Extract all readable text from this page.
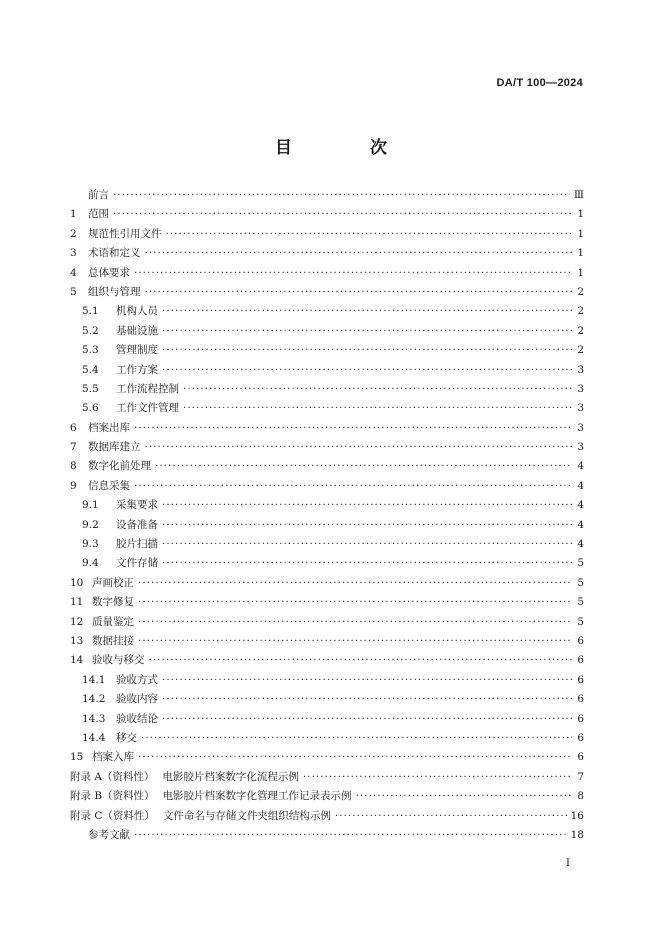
DA/T 100—2024
目 次
前言 ·····	Ⅲ
1	范围 ·····	1
2	规范性引用文件 ·····	1
3	术语和定义 ·····	1
4	总体要求 ·····	1
5	组织与管理 ·····	2
5.1	机构人员 ·····	2
5.2	基础设施 ·····	2
5.3	管理制度 ·····	2
5.4	工作方案 ·····	3
5.5	工作流程控制 ·····	3
5.6	工作文件管理 ·····	3
6	档案出库 ·····	3
7	数据库建立 ·····	3
8	数字化前处理 ·····	4
9	信息采集 ·····	4
9.1	采集要求 ·····	4
9.2	设备准备 ·····	4
9.3	胶片扫描 ·····	4
9.4	文件存储 ·····	5
10 声画校正 ·····	5
11 数字修复 ·····	5
12 质量鉴定 ·····	5
13 数据挂接 ·····	6
14 验收与移交 ·····	6
14.1	验收方式 ·····	6
14.2	验收内容 ·····	6
14.3	验收结论 ·····	6
14.4	移交 ·····	6
15 档案入库 ·····	6
附录 A（资料性） 电影胶片档案数字化流程示例 ·····	7
附录 B（资料性） 电影胶片档案数字化管理工作记录表示例 ·····	8
附录 C（资料性） 文件命名与存储文件夹组织结构示例 ·····	16
参考文献 ·····	18
I
